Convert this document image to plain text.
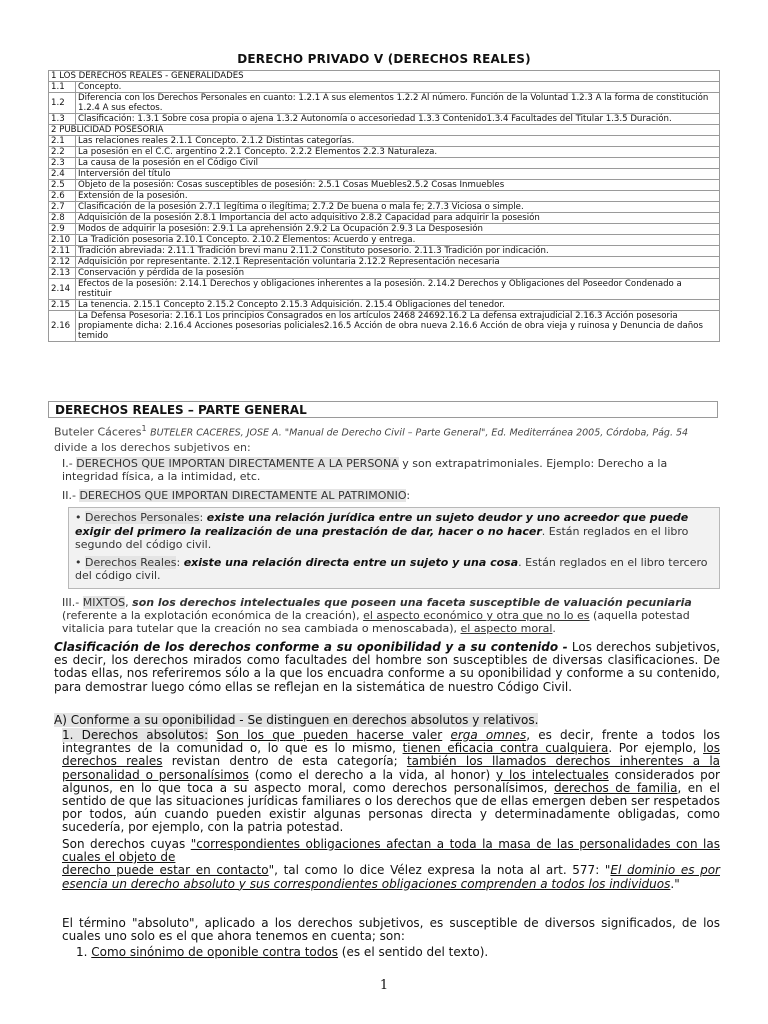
DERECHO PRIVADO V (DERECHOS REALES)
1 LOS DERECHOS REALES - GENERALIDADES	
1.1	Concepto.
1.2	Diferencia con los Derechos Personales en cuanto: 1.2.1 A sus elementos 1.2.2 Al número. Función de la Voluntad 1.2.3 A la forma de constitución 1.2.4 A sus efectos.
1.3	Clasificación: 1.3.1 Sobre cosa propia o ajena 1.3.2 Autonomía o accesoriedad 1.3.3 Contenido1.3.4 Facultades del Titular 1.3.5 Duración.
2 PUBLICIDAD POSESORIA	
2.1	Las relaciones reales 2.1.1 Concepto. 2.1.2 Distintas categorías.
2.2	La posesión en el C.C. argentino 2.2.1 Concepto. 2.2.2 Elementos 2.2.3 Naturaleza.
2.3	La causa de la posesión en el Código Civil
2.4	Interversión del título
2.5	Objeto de la posesión: Cosas susceptibles de posesión: 2.5.1 Cosas Muebles2.5.2 Cosas Inmuebles
2.6	Extensión de la posesión.
2.7	Clasificación de la posesión 2.7.1 legítima o ilegítima; 2.7.2 De buena o mala fe; 2.7.3 Viciosa o simple.
2.8	Adquisición de la posesión 2.8.1 Importancia del acto adquisitivo 2.8.2 Capacidad para adquirir la posesión
2.9	Modos de adquirir la posesión: 2.9.1 La aprehensión 2.9.2 La Ocupación 2.9.3 La Desposesión
2.10	La Tradición posesoria 2.10.1 Concepto. 2.10.2 Elementos: Acuerdo y entrega.
2.11	Tradición abreviada: 2.11.1 Tradición brevi manu 2.11.2 Constituto posesorio. 2.11.3 Tradición por indicación.
2.12	Adquisición por representante. 2.12.1 Representación voluntaria 2.12.2 Representación necesaria
2.13	Conservación y pérdida de la posesión
2.14	Efectos de la posesión: 2.14.1 Derechos y obligaciones inherentes a la posesión. 2.14.2 Derechos y Obligaciones del Poseedor Condenado a restituir
2.15	La tenencia. 2.15.1 Concepto 2.15.2 Concepto 2.15.3 Adquisición. 2.15.4 Obligaciones del tenedor.
2.16	La Defensa Posesoria: 2.16.1 Los principios Consagrados en los artículos 2468 24692.16.2 La defensa extrajudicial 2.16.3 Acción posesoria propiamente dicha: 2.16.4 Acciones posesorias policiales2.16.5 Acción de obra nueva 2.16.6 Acción de obra vieja y ruinosa y Denuncia de daños temido
DERECHOS REALES – PARTE GENERAL
Buteler Cáceres$^1$ BUTELER CACERES, JOSE A. "Manual de Derecho Civil – Parte General", Ed. Mediterránea 2005, Córdoba, Pág. 54
divide a los derechos subjetivos en:
I.- DERECHOS QUE IMPORTAN DIRECTAMENTE A LA PERSONA y son extrapatrimoniales. Ejemplo: Derecho a la integridad física, a la intimidad, etc.
II.- DERECHOS QUE IMPORTAN DIRECTAMENTE AL PATRIMONIO:

• Derechos Personales: existe una relación jurídica entre un sujeto deudor y uno acreedor que puede exigir del primero la realización de una prestación de dar, hacer o no hacer. Están reglados en el libro segundo del código civil.

• Derechos Reales: existe una relación directa entre un sujeto y una cosa. Están reglados en el libro tercero del código civil.

III.- MIXTOS, son los derechos intelectuales que poseen una faceta susceptible de valuación pecuniaria
(referente a la explotación económica de la creación), el aspecto económico y otra que no lo es (aquella potestad vitalicia para tutelar que la creación no sea cambiada o menoscabada), el aspecto moral.
Clasificación de los derechos conforme a su oponibilidad y a su contenido - Los derechos subjetivos, es decir, los derechos mirados como facultades del hombre son susceptibles de diversas clasificaciones. De todas ellas, nos referiremos sólo a la que los encuadra conforme a su oponibilidad y conforme a su contenido, para demostrar luego cómo ellas se reflejan en la sistemática de nuestro Código Civil.
A) Conforme a su oponibilidad - Se distinguen en derechos absolutos y relativos.
1. Derechos absolutos: Son los que pueden hacerse valer erga omnes, es decir, frente a todos los integrantes de la comunidad o, lo que es lo mismo, tienen eficacia contra cualquiera. Por ejemplo, los derechos reales revistan dentro de esta categoría; también los llamados derechos inherentes a la personalidad o personalísimos (como el derecho a la vida, al honor) y los intelectuales considerados por algunos, en lo que toca a su aspecto moral, como derechos personalísimos, derechos de familia, en el sentido de que las situaciones jurídicas familiares o los derechos que de ellas emergen deben ser respetados por todos, aún cuando pueden existir algunas personas directa y determinadamente obligadas, como sucedería, por ejemplo, con la patria potestad.
Son derechos cuyas "correspondientes obligaciones afectan a toda la masa de las personalidades con las cuales el objeto de
derecho puede estar en contacto", tal como lo dice Vélez expresa la nota al art. 577: "El dominio es por esencia un derecho absoluto y sus correspondientes obligaciones comprenden a todos los individuos."
El término "absoluto", aplicado a los derechos subjetivos, es susceptible de diversos significados, de los cuales uno solo es el que ahora tenemos en cuenta; son:
1. Como sinónimo de oponible contra todos (es el sentido del texto).
1
